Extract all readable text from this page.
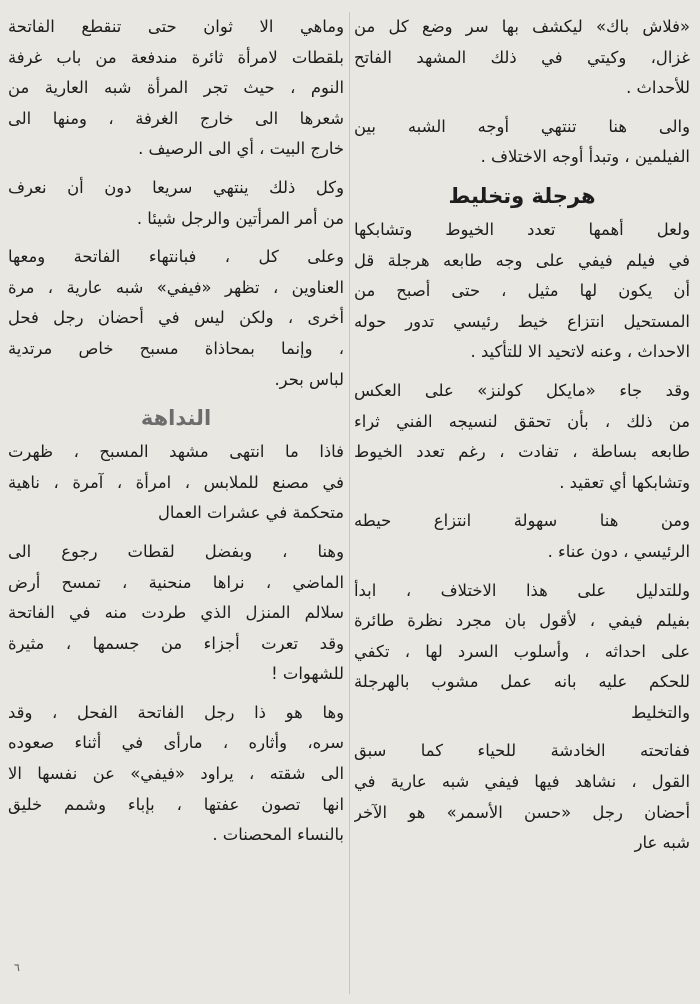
«فلاش باك» ليكشف بها سر وضع كل من
غزال، وكيتي في ذلك المشهد الفاتح
للأحداث .

والى هنا تنتهي أوجه الشبه بين
الفيلمين ، وتبدأ أوجه الاختلاف .

هرجلة وتخليط

ولعل أهمها تعدد الخيوط وتشابكها
في فيلم فيفي على وجه طابعه هرجلة قل
أن يكون لها مثيل ، حتى أصبح من
المستحيل انتزاع خيط رئيسي تدور حوله
الاحداث ، وعنه لاتحيد الا للتأكيد .

وقد جاء «مايكل كولنز» على العكس
من ذلك ، بأن تحقق لنسيجه الفني ثراء
طابعه بساطة ، تفادت ، رغم تعدد الخيوط
وتشابكها أي تعقيد .

ومن هنا سهولة انتزاع حيطه
الرئيسي ، دون عناء .

وللتدليل على هذا الاختلاف ، ابدأ
بفيلم فيفي ، لأقول بان مجرد نظرة طائرة
على احداثه ، وأسلوب السرد لها ، تكفي
للحكم عليه بانه عمل مشوب بالهرجلة
والتخليط

ففاتحته الخادشة للحياء كما سبق
القول ، نشاهد فيها فيفي شبه عارية في
أحضان رجل «حسن الأسمر» هو الآخر
شبه عار

وماهي الا ثوان حتى تنقطع الفاتحة
بلقطات لامرأة ثائرة مندفعة من باب غرفة
النوم ، حيث تجر المرأة شبه العارية من
شعرها الى خارج الغرفة ، ومنها الى
خارج البيت ، أي الى الرصيف .

وكل ذلك ينتهي سريعا دون أن نعرف
من أمر المرأتين والرجل شيئا .

وعلى كل ، فبانتهاء الفاتحة ومعها
العناوين ، تظهر «فيفي» شبه عارية ، مرة
أخرى ، ولكن ليس في أحضان رجل فحل
، وإنما بمحاذاة مسبح خاص مرتدية
لباس بحر.

النداهة

فاذا ما انتهى مشهد المسبح ، ظهرت
في مصنع للملابس ، امرأة ، آمرة ، ناهية
متحكمة في عشرات العمال

وهنا ، وبفضل لقطات رجوع الى
الماضي ، نراها منحنية ، تمسح أرض
سلالم المنزل الذي طردت منه في الفاتحة
وقد تعرت أجزاء من جسمها ، مثيرة
للشهوات !

وها هو ذا رجل الفاتحة الفحل ، وقد
سره، وأثاره ، مارأى في أثناء صعوده
الى شقته ، يراود «فيفي» عن نفسها الا
انها تصون عفتها ، بإباء وشمم خليق
بالنساء المحصنات .

٦
